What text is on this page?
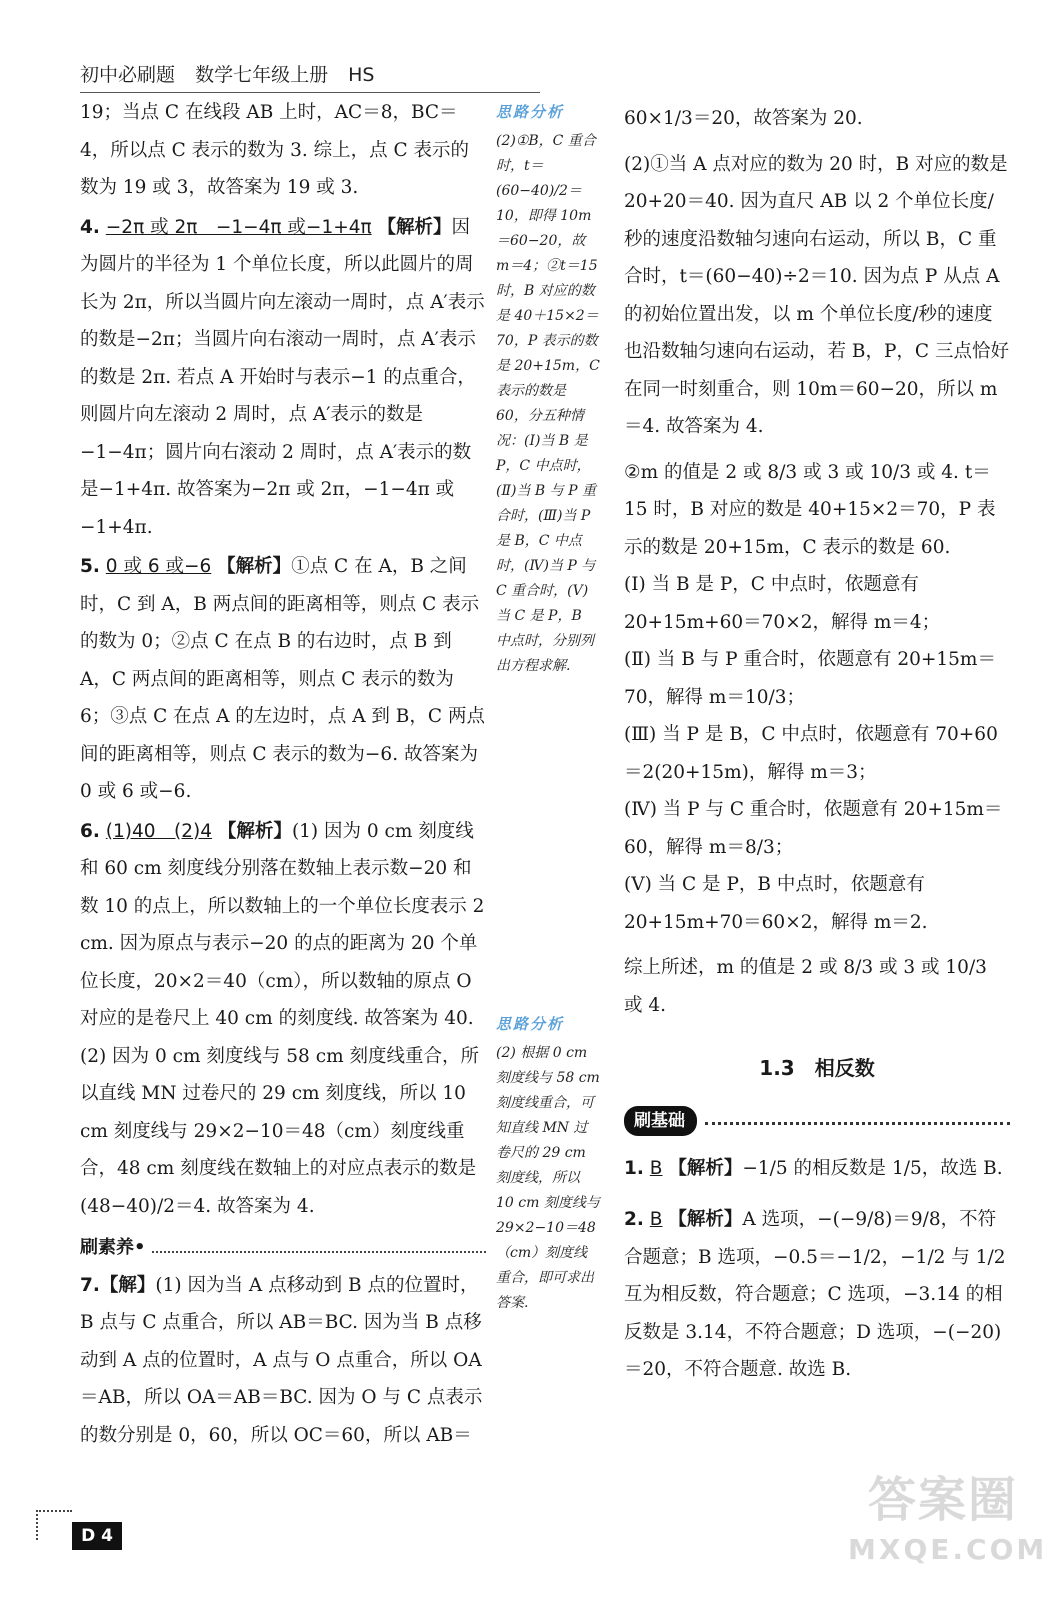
初中必刷题 数学七年级上册 HS

19；当点 C 在线段 AB 上时，AC＝8，BC＝4，所以点 C 表示的数为 3. 综上，点 C 表示的数为 19 或 3，故答案为 19 或 3.

4. −2π 或 2π　−1−4π 或−1+4π 【解析】因为圆片的半径为 1 个单位长度，所以此圆片的周长为 2π，所以当圆片向左滚动一周时，点 A′表示的数是−2π；当圆片向右滚动一周时，点 A′表示的数是 2π. 若点 A 开始时与表示−1 的点重合，则圆片向左滚动 2 周时，点 A′表示的数是−1−4π；圆片向右滚动 2 周时，点 A′表示的数是−1+4π. 故答案为−2π 或 2π，−1−4π 或−1+4π.

5. 0 或 6 或−6 【解析】①点 C 在 A，B 之间时，C 到 A，B 两点间的距离相等，则点 C 表示的数为 0；②点 C 在点 B 的右边时，点 B 到 A，C 两点间的距离相等，则点 C 表示的数为 6；③点 C 在点 A 的左边时，点 A 到 B，C 两点间的距离相等，则点 C 表示的数为−6. 故答案为 0 或 6 或−6.

6. (1)40　(2)4 【解析】(1) 因为 0 cm 刻度线和 60 cm 刻度线分别落在数轴上表示数−20 和数 10 的点上，所以数轴上的一个单位长度表示 2 cm. 因为原点与表示−20 的点的距离为 20 个单位长度，20×2＝40（cm），所以数轴的原点 O 对应的是卷尺上 40 cm 的刻度线. 故答案为 40.

(2) 因为 0 cm 刻度线与 58 cm 刻度线重合，所以直线 MN 过卷尺的 29 cm 刻度线，所以 10 cm 刻度线与 29×2−10＝48（cm）刻度线重合，48 cm 刻度线在数轴上的对应点表示的数是 (48−40)/2＝4. 故答案为 4.

刷素养•

7.【解】(1) 因为当 A 点移动到 B 点的位置时，B 点与 C 点重合，所以 AB＝BC. 因为当 B 点移动到 A 点的位置时，A 点与 O 点重合，所以 OA＝AB，所以 OA＝AB＝BC. 因为 O 与 C 点表示的数分别是 0，60，所以 OC＝60，所以 AB＝

思路分析
(2)①B，C 重合时，t＝(60−40)/2＝10，即得 10m＝60−20，故 m＝4；②t＝15 时，B 对应的数是 40＋15×2＝70，P 表示的数是 20+15m，C 表示的数是 60，分五种情况：(Ⅰ)当 B 是 P，C 中点时，(Ⅱ)当 B 与 P 重合时，(Ⅲ)当 P 是 B，C 中点时，(Ⅳ)当 P 与 C 重合时，(Ⅴ)当 C 是 P，B 中点时，分别列出方程求解.
思路分析
(2) 根据 0 cm 刻度线与 58 cm 刻度线重合，可知直线 MN 过卷尺的 29 cm 刻度线，所以 10 cm 刻度线与 29×2−10＝48（cm）刻度线重合，即可求出答案.

60×1/3＝20，故答案为 20.

(2)①当 A 点对应的数为 20 时，B 对应的数是 20+20＝40. 因为直尺 AB 以 2 个单位长度/秒的速度沿数轴匀速向右运动，所以 B，C 重合时，t＝(60−40)÷2＝10. 因为点 P 从点 A 的初始位置出发，以 m 个单位长度/秒的速度也沿数轴匀速向右运动，若 B，P，C 三点恰好在同一时刻重合，则 10m＝60−20，所以 m＝4. 故答案为 4.

②m 的值是 2 或 8/3 或 3 或 10/3 或 4. t＝15 时，B 对应的数是 40+15×2＝70，P 表示的数是 20+15m，C 表示的数是 60.

(Ⅰ) 当 B 是 P，C 中点时，依题意有 20+15m+60＝70×2，解得 m＝4；

(Ⅱ) 当 B 与 P 重合时，依题意有 20+15m＝70，解得 m＝10/3；

(Ⅲ) 当 P 是 B，C 中点时，依题意有 70+60＝2(20+15m)，解得 m＝3；

(Ⅳ) 当 P 与 C 重合时，依题意有 20+15m＝60，解得 m＝8/3；

(Ⅴ) 当 C 是 P，B 中点时，依题意有 20+15m+70＝60×2，解得 m＝2.

综上所述，m 的值是 2 或 8/3 或 3 或 10/3 或 4.

1.3　相反数
刷基础

1. B 【解析】−1/5 的相反数是 1/5，故选 B.

2. B 【解析】A 选项，−(−9/8)＝9/8，不符合题意；B 选项，−0.5＝−1/2，−1/2 与 1/2 互为相反数，符合题意；C 选项，−3.14 的相反数是 3.14，不符合题意；D 选项，−(−20)＝20，不符合题意. 故选 B.

D 4
答案圈
MXQE.COM
